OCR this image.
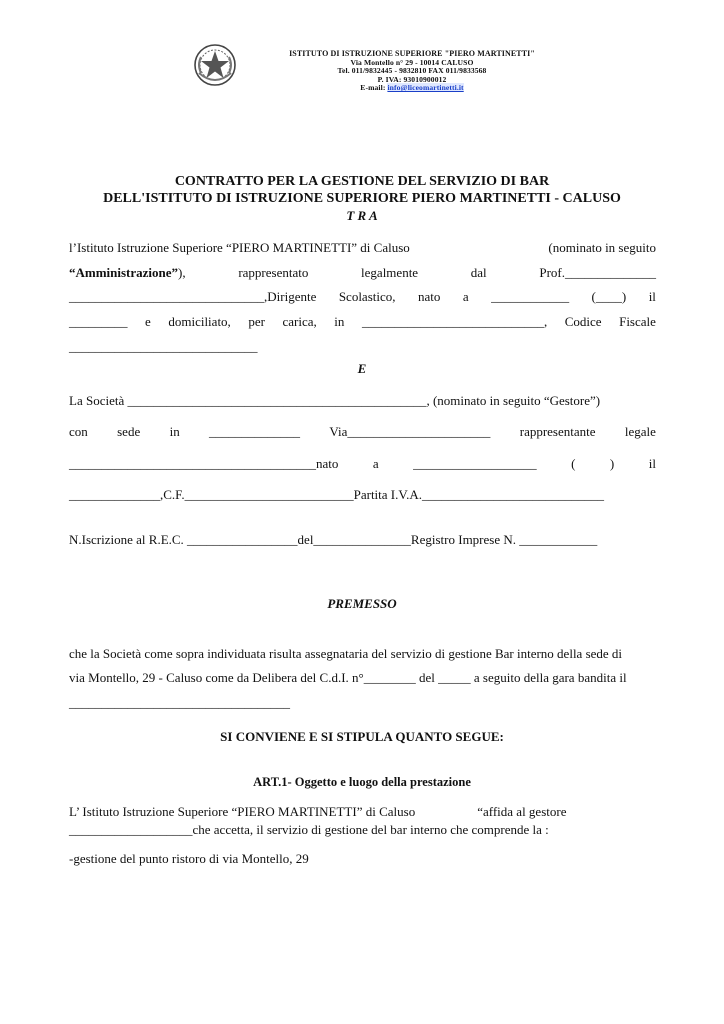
ISTITUTO DI ISTRUZIONE SUPERIORE "PIERO MARTINETTI"
Via Montello n° 29 - 10014 CALUSO
Tel. 011/9832445 - 9832810 FAX 011/9833568
P. IVA: 93010900012
E-mail: info@liceomartinetti.it
CONTRATTO PER LA GESTIONE DEL SERVIZIO DI BAR
DELL'ISTITUTO DI ISTRUZIONE SUPERIORE PIERO MARTINETTI - CALUSO
T R A
l’Istituto Istruzione Superiore “PIERO MARTINETTI” di Caluso	(nominato in seguito
“Amministrazione”),	rappresentato	legalmente	dal	Prof.______________
______________________________,Dirigente Scolastico, nato a ____________ (____) il
_________ e domiciliato, per carica, in ____________________________, Codice Fiscale
_____________________________
E
La Società ______________________________________________, (nominato in seguito “Gestore”)
con sede in ______________ Via______________________ rappresentante legale
______________________________________nato	a	___________________	(	)	il
______________,C.F.__________________________Partita I.V.A.____________________________
N.Iscrizione al R.E.C. _________________del_______________Registro Imprese N. ____________
PREMESSO
che la Società come sopra individuata risulta assegnataria del servizio di gestione Bar interno della sede di
via Montello, 29 - Caluso come da Delibera del C.d.I. n°________ del _____ a seguito della gara bandita il
__________________________________
SI CONVIENE E SI STIPULA QUANTO SEGUE:
ART.1- Oggetto e luogo della prestazione
L’ Istituto Istruzione Superiore “PIERO MARTINETTI” di Caluso	“affida al gestore
___________________che accetta, il servizio di gestione del bar interno che comprende la :
-gestione del punto ristoro di via Montello, 29
